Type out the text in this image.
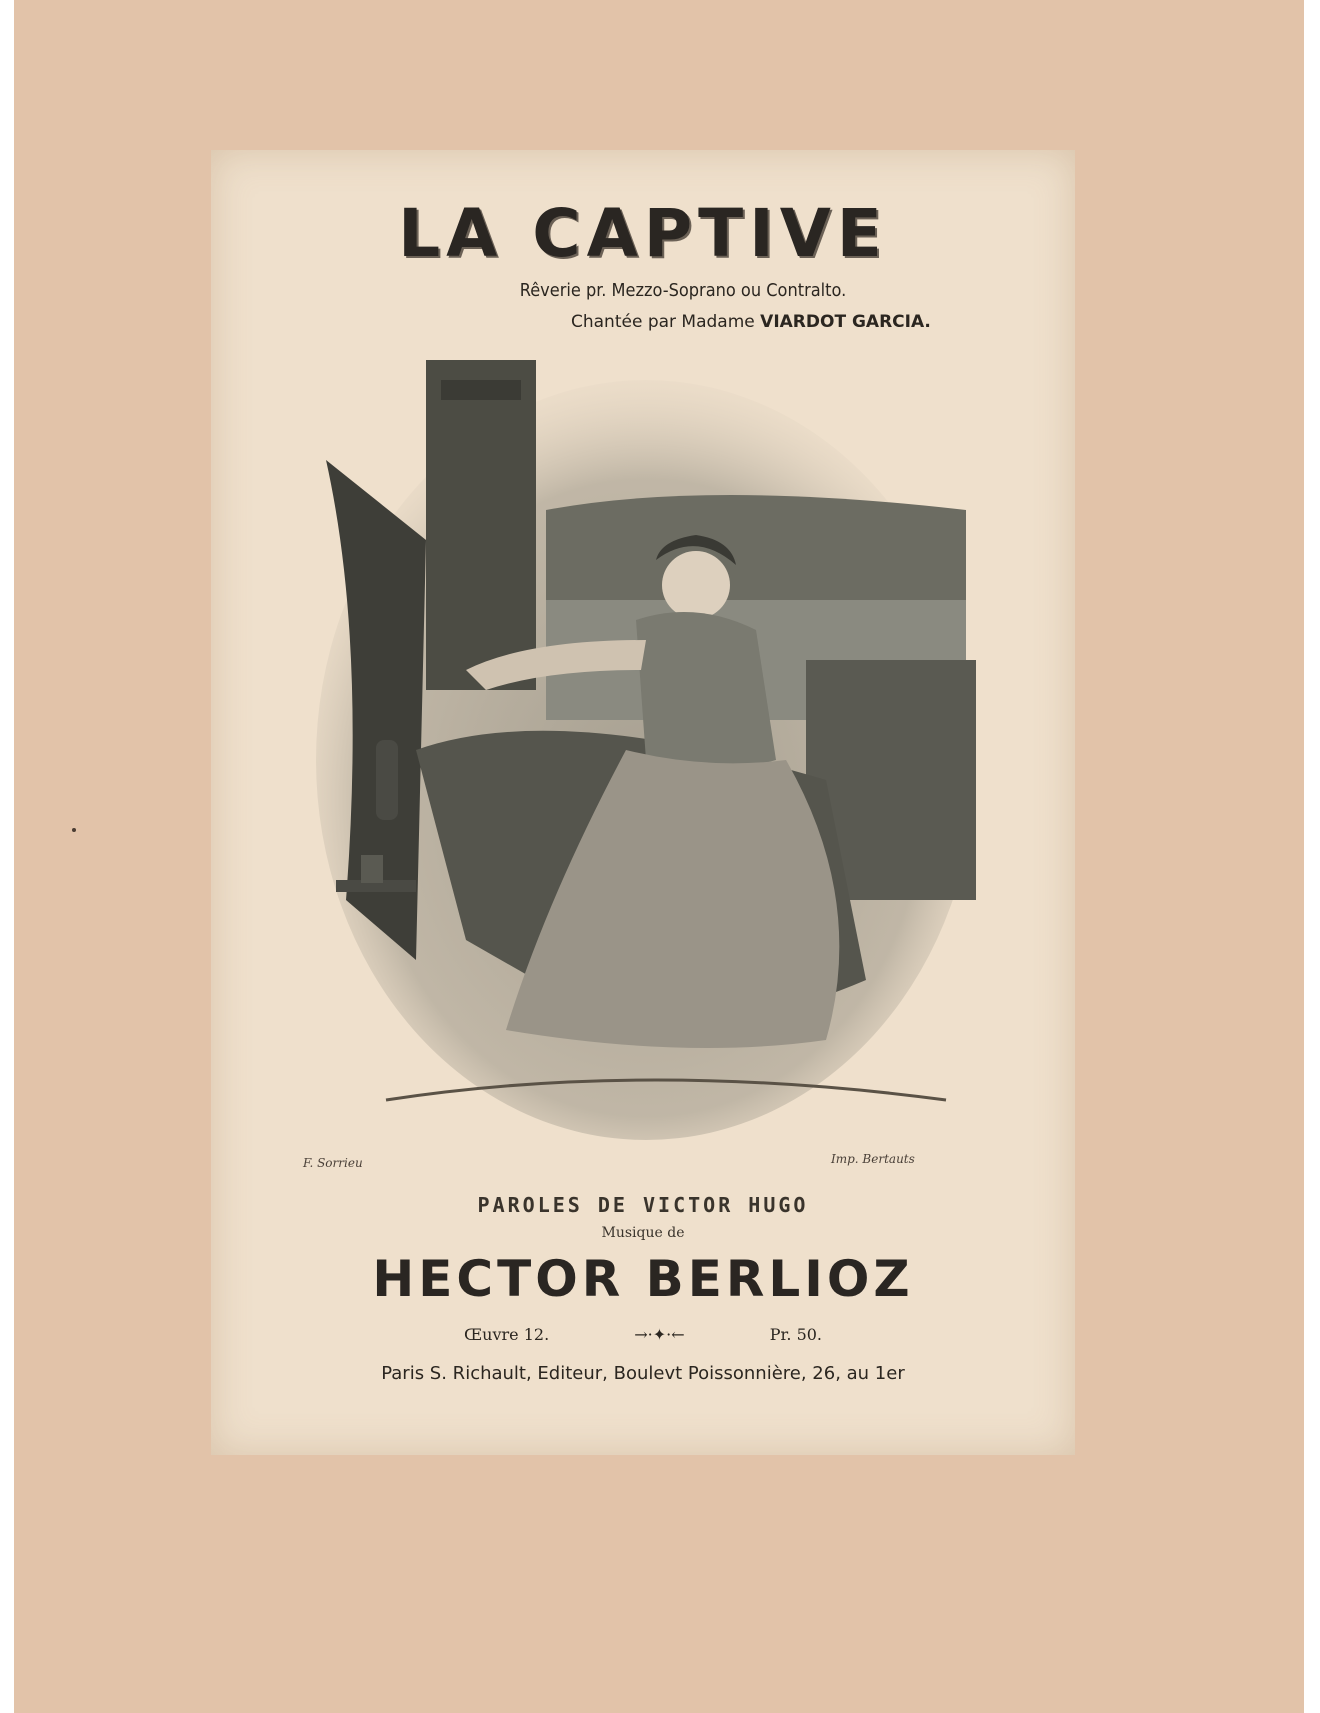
LA CAPTIVE
Rêverie pr. Mezzo-Soprano ou Contralto.
Chantée par Madame VIARDOT GARCIA.
F. Sorrieu	Imp. Bertauts
PAROLES DE VICTOR HUGO
Musique de
HECTOR BERLIOZ
Œuvre 12.	→·✦·←	Pr. 50.
Paris S. Richault, Editeur, Boulevt Poissonnière, 26, au 1er
